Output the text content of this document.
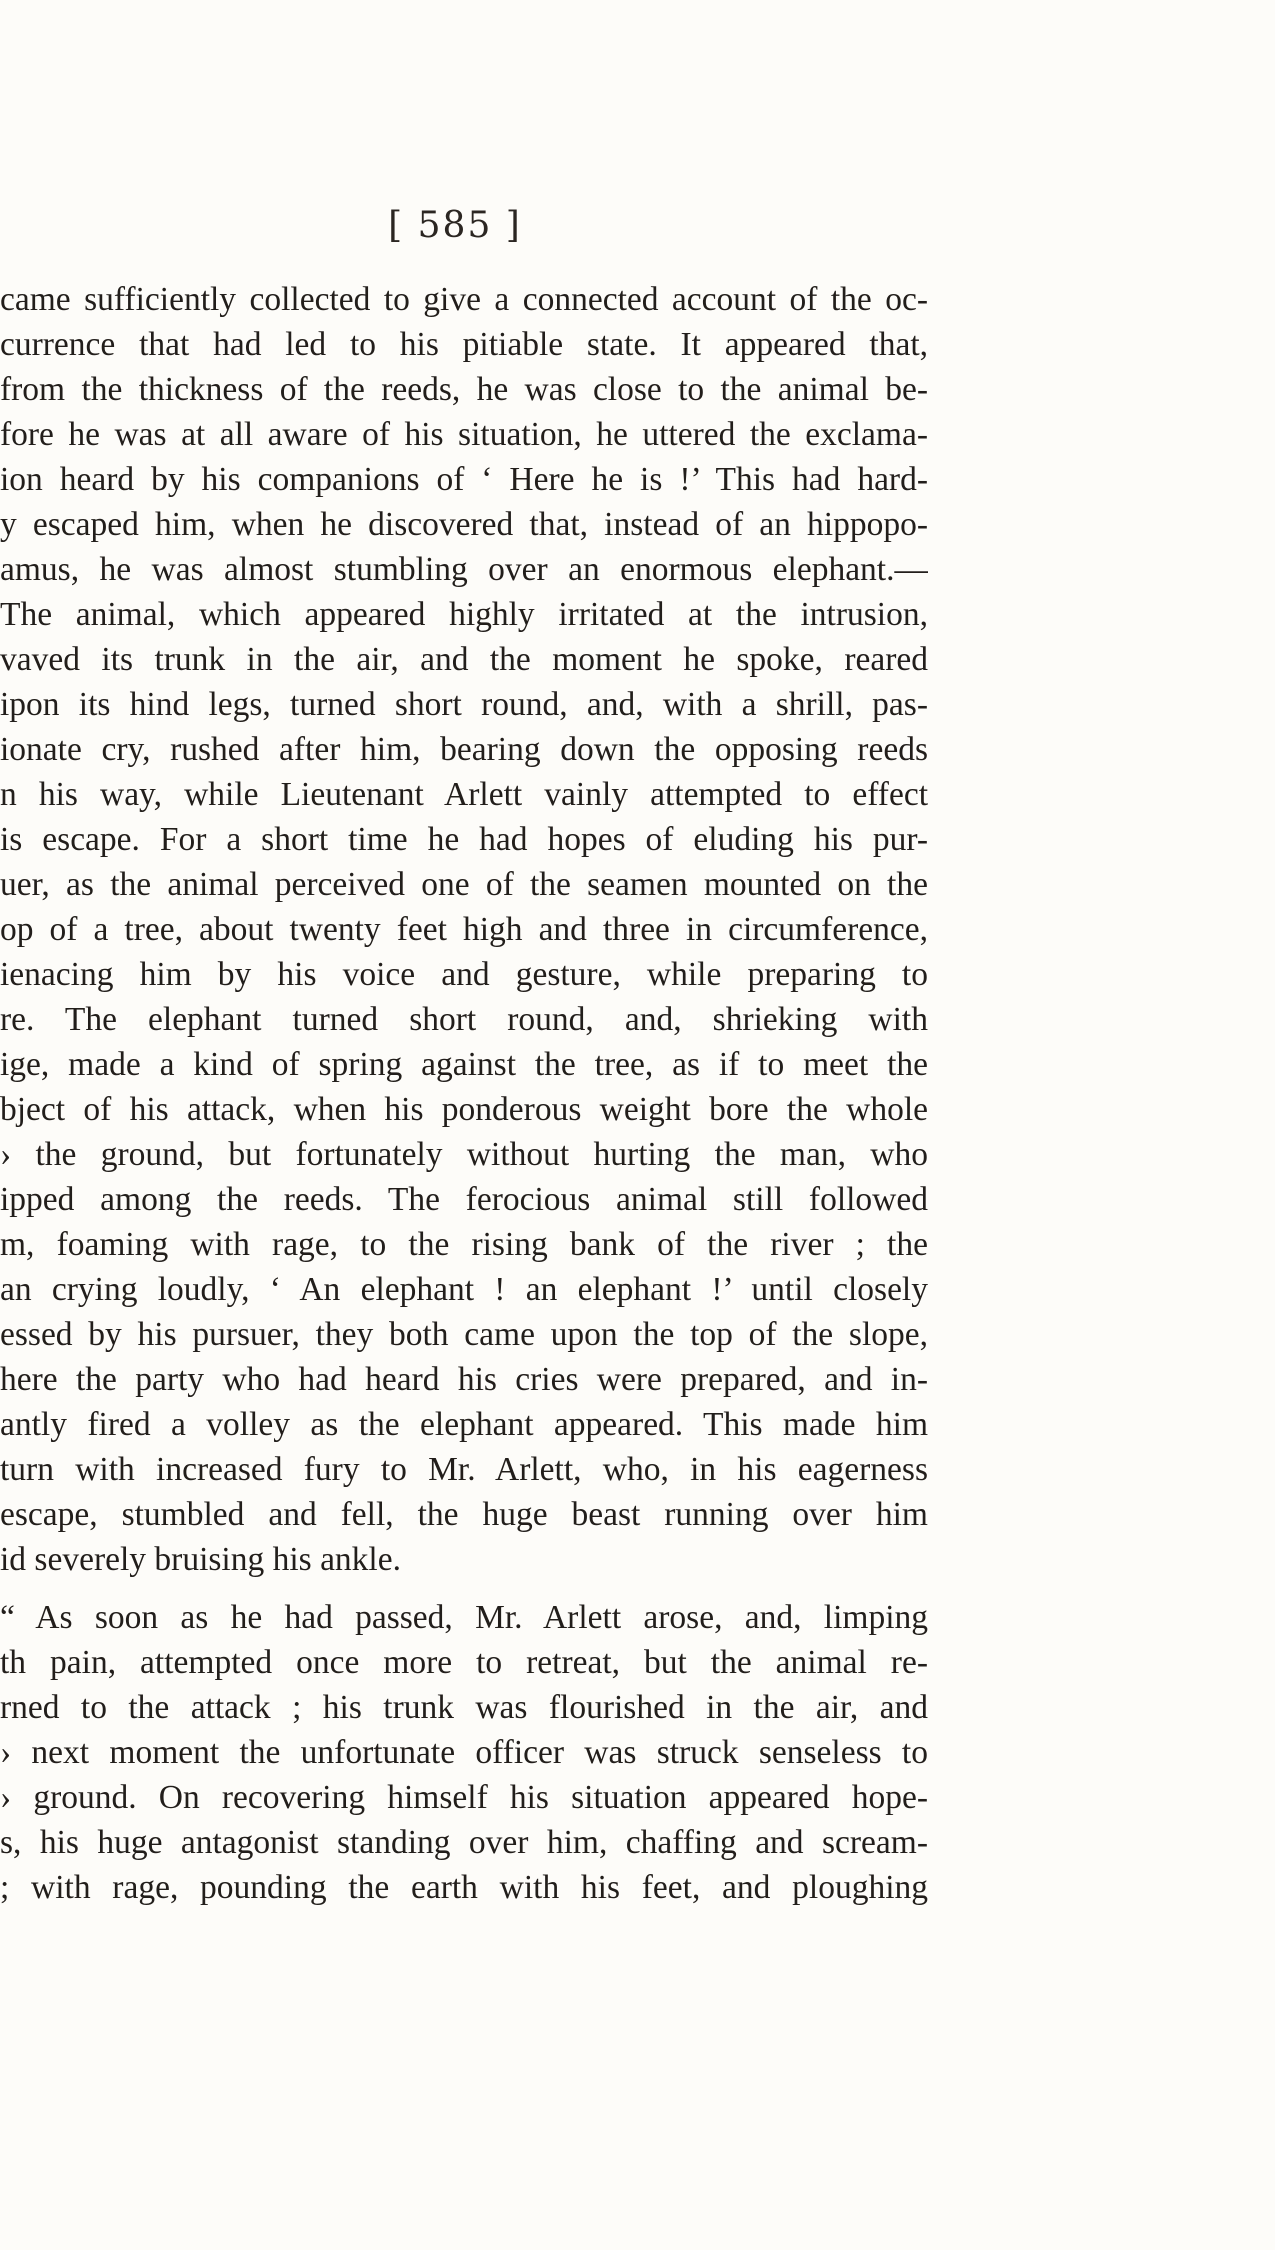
[ 585 ]
came sufficiently collected to give a connected account of the oc-
currence that had led to his pitiable state. It appeared that,
from the thickness of the reeds, he was close to the animal be-
fore he was at all aware of his situation, he uttered the exclama-
ion heard by his companions of ‘ Here he is !’ This had hard-
y escaped him, when he discovered that, instead of an hippopo-
amus, he was almost stumbling over an enormous elephant.—
The animal, which appeared highly irritated at the intrusion,
vaved its trunk in the air, and the moment he spoke, reared
ipon its hind legs, turned short round, and, with a shrill, pas-
ionate cry, rushed after him, bearing down the opposing reeds
n his way, while Lieutenant Arlett vainly attempted to effect
is escape. For a short time he had hopes of eluding his pur-
uer, as the animal perceived one of the seamen mounted on the
op of a tree, about twenty feet high and three in circumference,
ienacing him by his voice and gesture, while preparing to
re. The elephant turned short round, and, shrieking with
ige, made a kind of spring against the tree, as if to meet the
bject of his attack, when his ponderous weight bore the whole
› the ground, but fortunately without hurting the man, who
ipped among the reeds. The ferocious animal still followed
m, foaming with rage, to the rising bank of the river ; the
an crying loudly, ‘ An elephant ! an elephant !’ until closely
essed by his pursuer, they both came upon the top of the slope,
here the party who had heard his cries were prepared, and in-
antly fired a volley as the elephant appeared. This made him
turn with increased fury to Mr. Arlett, who, in his eagerness
escape, stumbled and fell, the huge beast running over him
id severely bruising his ankle.
“ As soon as he had passed, Mr. Arlett arose, and, limping
th pain, attempted once more to retreat, but the animal re-
rned to the attack ; his trunk was flourished in the air, and
› next moment the unfortunate officer was struck senseless to
› ground. On recovering himself his situation appeared hope-
s, his huge antagonist standing over him, chaffing and scream-
; with rage, pounding the earth with his feet, and ploughing
